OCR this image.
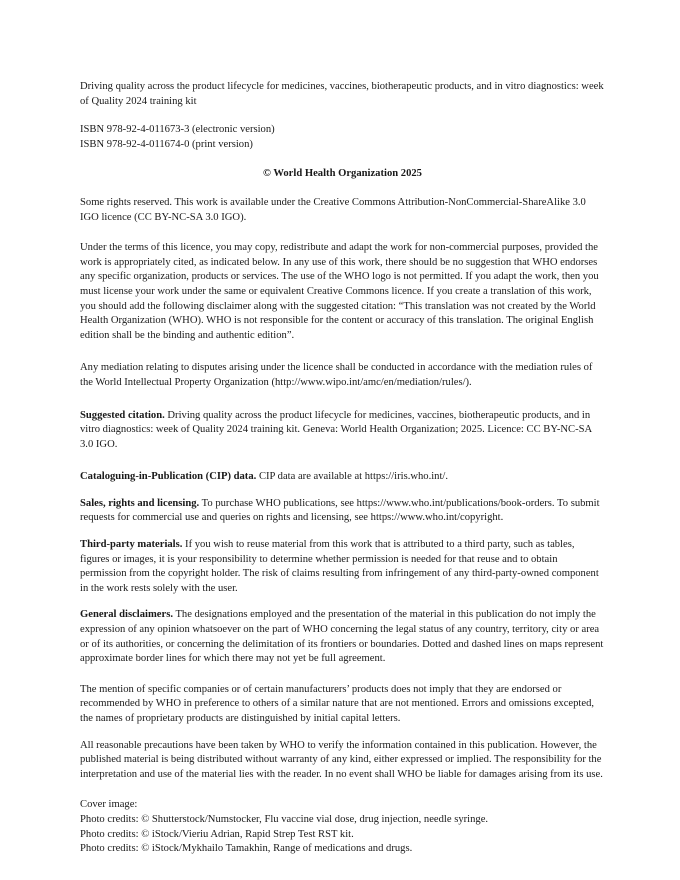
Driving quality across the product lifecycle for medicines, vaccines, biotherapeutic products, and in vitro diagnostics: week of Quality 2024 training kit

ISBN 978-92-4-011673-3 (electronic version)

ISBN 978-92-4-011674-0 (print version)

© World Health Organization 2025

Some rights reserved. This work is available under the Creative Commons Attribution-NonCommercial-ShareAlike 3.0 IGO licence (CC BY-NC-SA 3.0 IGO).

Under the terms of this licence, you may copy, redistribute and adapt the work for non-commercial purposes, provided the work is appropriately cited, as indicated below. In any use of this work, there should be no suggestion that WHO endorses any specific organization, products or services. The use of the WHO logo is not permitted. If you adapt the work, then you must license your work under the same or equivalent Creative Commons licence. If you create a translation of this work, you should add the following disclaimer along with the suggested citation: “This translation was not created by the World Health Organization (WHO). WHO is not responsible for the content or accuracy of this translation. The original English edition shall be the binding and authentic edition”.

Any mediation relating to disputes arising under the licence shall be conducted in accordance with the mediation rules of the World Intellectual Property Organization (http://www.wipo.int/amc/en/mediation/rules/).

Suggested citation. Driving quality across the product lifecycle for medicines, vaccines, biotherapeutic products, and in vitro diagnostics: week of Quality 2024 training kit. Geneva: World Health Organization; 2025. Licence: CC BY-NC-SA 3.0 IGO.

Cataloguing-in-Publication (CIP) data. CIP data are available at https://iris.who.int/.

Sales, rights and licensing. To purchase WHO publications, see https://www.who.int/publications/book-orders. To submit requests for commercial use and queries on rights and licensing, see https://www.who.int/copyright.

Third-party materials. If you wish to reuse material from this work that is attributed to a third party, such as tables, figures or images, it is your responsibility to determine whether permission is needed for that reuse and to obtain permission from the copyright holder. The risk of claims resulting from infringement of any third-party-owned component in the work rests solely with the user.

General disclaimers. The designations employed and the presentation of the material in this publication do not imply the expression of any opinion whatsoever on the part of WHO concerning the legal status of any country, territory, city or area or of its authorities, or concerning the delimitation of its frontiers or boundaries. Dotted and dashed lines on maps represent approximate border lines for which there may not yet be full agreement.

The mention of specific companies or of certain manufacturers’ products does not imply that they are endorsed or recommended by WHO in preference to others of a similar nature that are not mentioned. Errors and omissions excepted, the names of proprietary products are distinguished by initial capital letters.

All reasonable precautions have been taken by WHO to verify the information contained in this publication. However, the published material is being distributed without warranty of any kind, either expressed or implied. The responsibility for the interpretation and use of the material lies with the reader. In no event shall WHO be liable for damages arising from its use.

Cover image:

Photo credits: © Shutterstock/Numstocker, Flu vaccine vial dose, drug injection, needle syringe.

Photo credits: © iStock/Vieriu Adrian, Rapid Strep Test RST kit.

Photo credits: © iStock/Mykhailo Tamakhin, Range of medications and drugs.
